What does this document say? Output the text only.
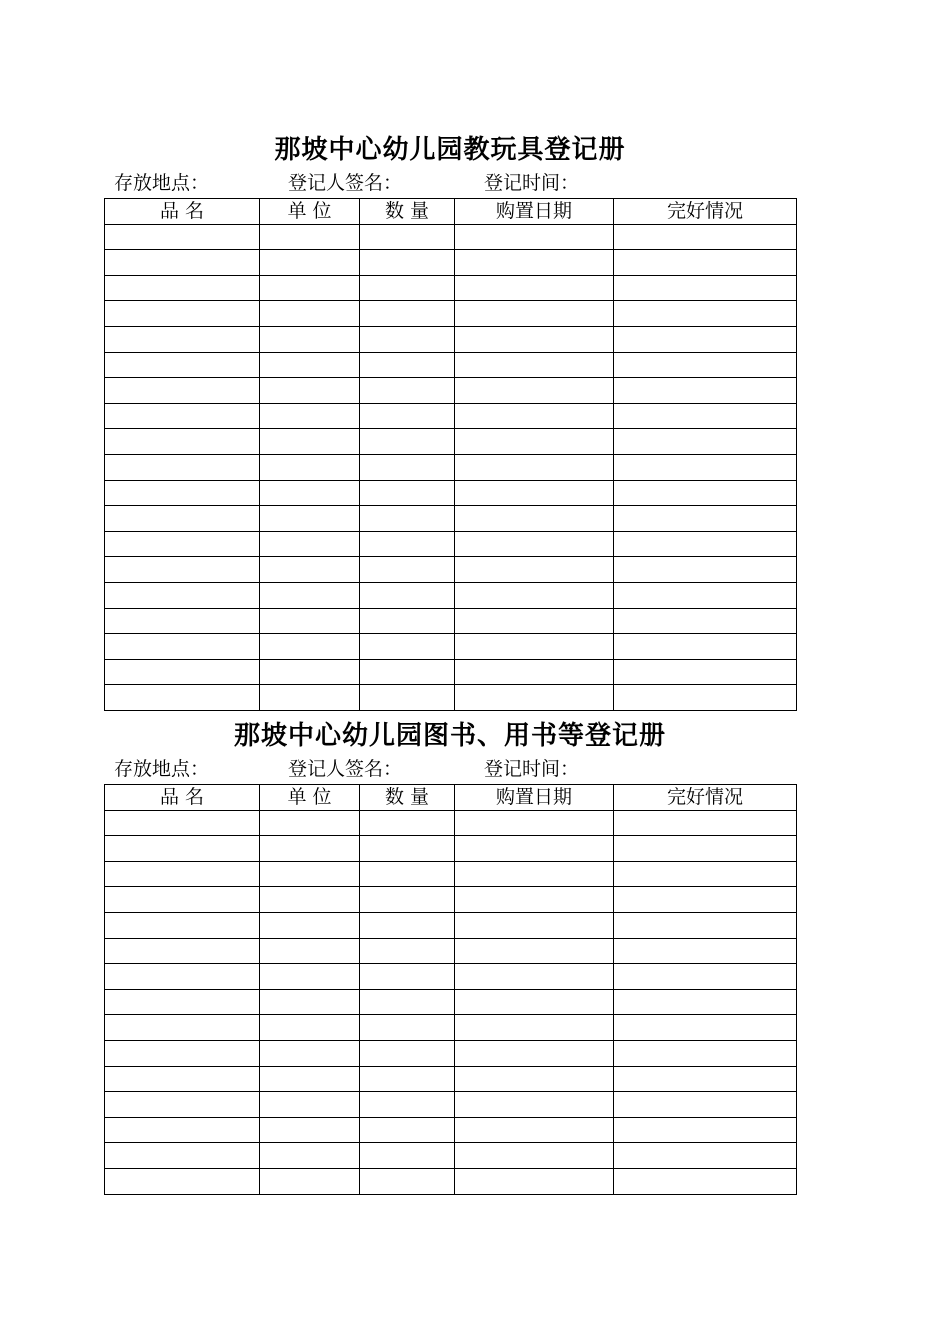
那坡中心幼儿园教玩具登记册
存放地点：	登记人签名：	登记时间：
品 名	单 位	数 量	购置日期	完好情况

那坡中心幼儿园图书、用书等登记册
存放地点：	登记人签名：	登记时间：
品 名	单 位	数 量	购置日期	完好情况
